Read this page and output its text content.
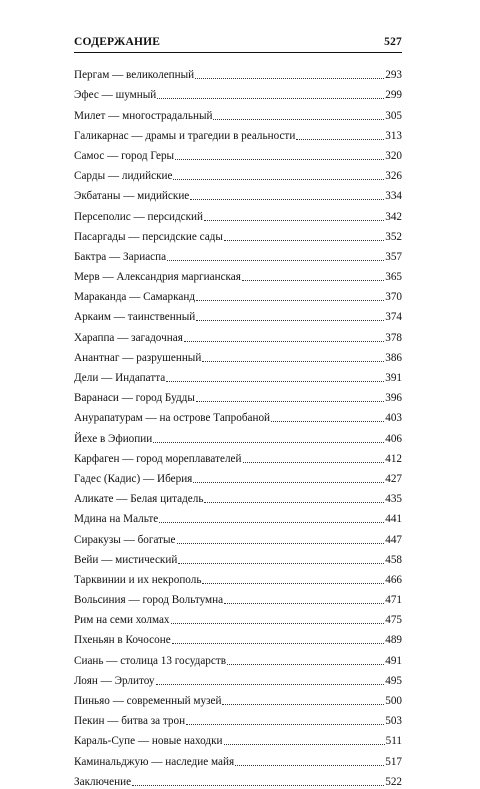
СОДЕРЖАНИЕ	527
Пергам — великолепный	293
Эфес — шумный	299
Милет — многострадальный	305
Галикарнас — драмы и трагедии в реальности	313
Самос — город Геры	320
Сарды — лидийские	326
Экбатаны — мидийские	334
Персеполис — персидский	342
Пасаргады — персидские сады	352
Бактра — Зариаспа	357
Мерв — Александрия маргианская	365
Мараканда — Самарканд	370
Аркаим — таинственный	374
Хараппа — загадочная	378
Анантнаг — разрушенный	386
Дели — Индапатта	391
Варанаси — город Будды	396
Анурапатурам — на острове Тапробаной	403
Йехе в Эфиопии	406
Карфаген — город мореплавателей	412
Гадес (Кадис) — Иберия	427
Аликате — Белая цитадель	435
Мдина на Мальте	441
Сиракузы — богатые	447
Вейи — мистический	458
Тарквинии и их некрополь	466
Вольсиния — город Вольтумна	471
Рим на семи холмах	475
Пхеньян в Кочосоне	489
Сиань — столица 13 государств	491
Лоян — Эрлитоу	495
Пиньяо — современный музей	500
Пекин — битва за трон	503
Караль-Супе — новые находки	511
Каминальджую — наследие майя	517
Заключение	522
